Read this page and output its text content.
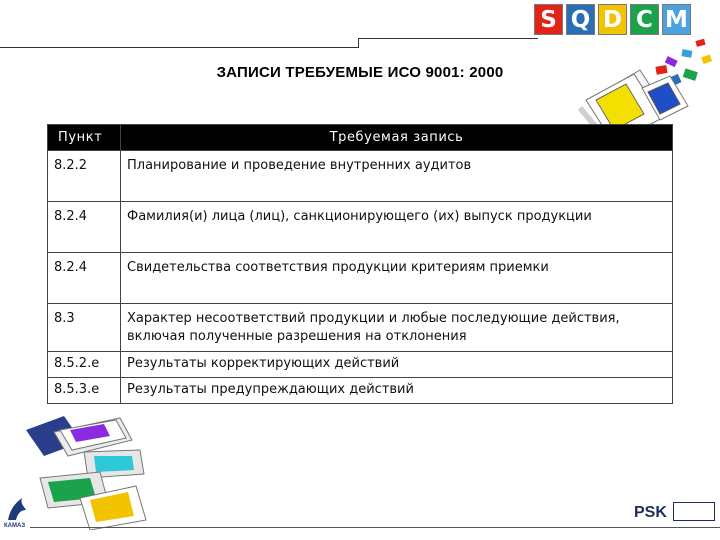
S Q D C M
ЗАПИСИ ТРЕБУЕМЫЕ ИСО 9001: 2000
Пункт	Требуемая запись
8.2.2	Планирование и проведение внутренних аудитов
8.2.4	Фамилия(и) лица (лиц), санкционирующего (их) выпуск продукции
8.2.4	Свидетельства соответствия продукции критериям приемки
8.3	Характер несоответствий продукции и любые последующие действия, включая полученные разрешения на отклонения
8.5.2.е	Результаты корректирующих действий
8.5.3.е	Результаты предупреждающих действий
КАМАЗ
PSK
